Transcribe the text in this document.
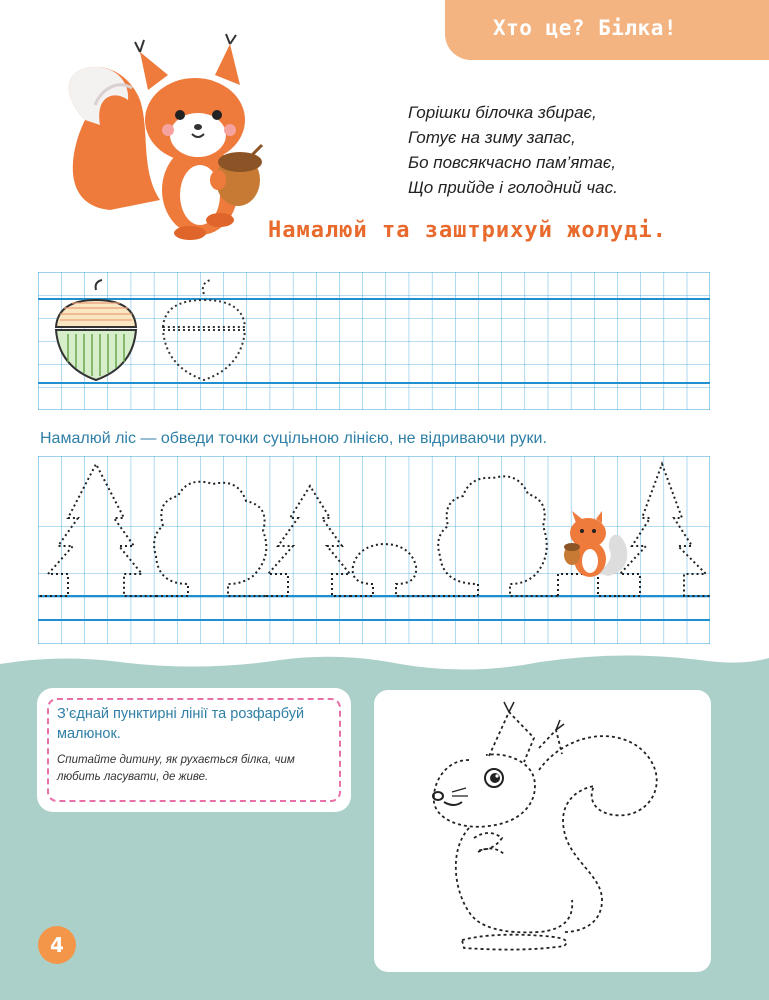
Хто це? Білка!

Горішки білочка збирає,

Готує на зиму запас,

Бо повсякчасно пам’ятає,

Що прийде і голодний час.

Намалюй та заштрихуй жолуді.
Намалюй ліс — обведи точки суцільною лінією, не відриваючи руки.

З’єднай пунктирні лінії та розфарбуй малюнок.

Спитайте дитину, як рухається білка, чим любить ласувати, де живе.

4
